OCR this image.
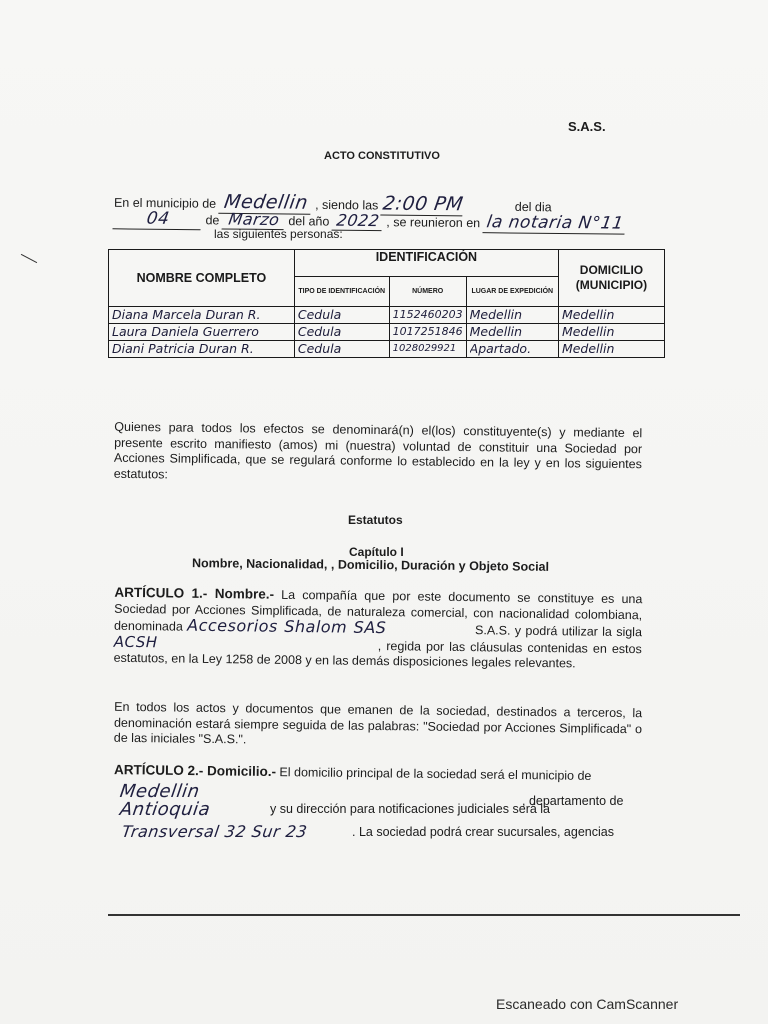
S.A.S.
ACTO CONSTITUTIVO
En el municipio de Medellin , siendo las 2:00 PM	del dia
04	de Marzo del año 2022 , se reunieron en la notaria N°11
las siguientes personas:
NOMBRE COMPLETO	IDENTIFICACIÓN			DOMICILIO (MUNICIPIO)
	TIPO DE IDENTIFICACIÓN	NÚMERO	LUGAR DE EXPEDICIÓN	

Diana Marcela Duran R.	Cedula	1152460203	Medellin	Medellin

Laura Daniela Guerrero	Cedula	1017251846	Medellin	Medellin

Diani Patricia Duran R.	Cedula	1028029921	Apartado.	Medellin
Quienes para todos los efectos se denominará(n) el(los) constituyente(s) y mediante el presente escrito manifiesto (amos) mi (nuestra) voluntad de constituir una Sociedad por Acciones Simplificada, que se regulará conforme lo establecido en la ley y en los siguientes estatutos:
Estatutos
Capítulo I
Nombre, Nacionalidad, , Domicilio, Duración y Objeto Social
ARTÍCULO 1.- Nombre.- La compañía que por este documento se constituye es una Sociedad por Acciones Simplificada, de naturaleza comercial, con nacionalidad colombiana, denominada Accesorios Shalom SAS	S.A.S. y podrá utilizar la sigla ACSH	, regida por las cláusulas contenidas en estos estatutos, en la Ley 1258 de 2008 y en las demás disposiciones legales relevantes.
En todos los actos y documentos que emanen de la sociedad, destinados a terceros, la denominación estará siempre seguida de las palabras: "Sociedad por Acciones Simplificada" o de las iniciales "S.A.S.".
ARTÍCULO 2.- Domicilio.- El domicilio principal de la sociedad será el municipio de
Medellin	, departamento de
Antioquia	y su dirección para notificaciones judiciales será la
Transversal 32 Sur 23	. La sociedad podrá crear sucursales, agencias
Escaneado con CamScanner
